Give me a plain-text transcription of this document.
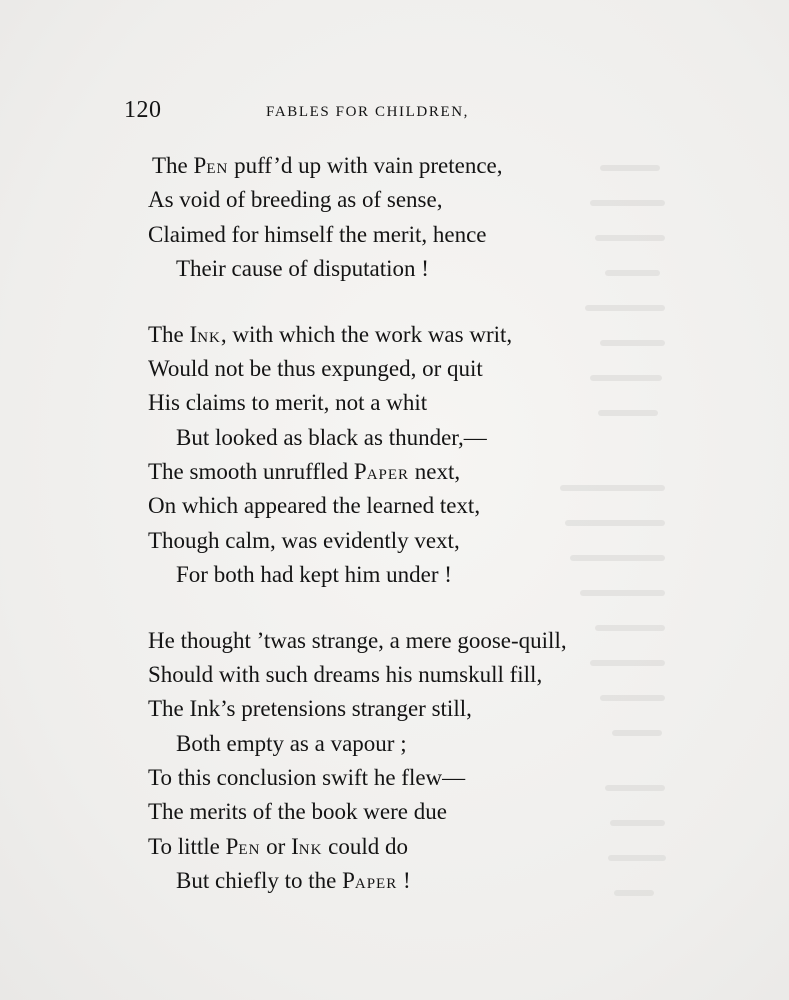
120	FABLES FOR CHILDREN,
The PEN puff’d up with vain pretence,
As void of breeding as of sense,
Claimed for himself the merit, hence
Their cause of disputation !
The INK, with which the work was writ,
Would not be thus expunged, or quit
His claims to merit, not a whit
But looked as black as thunder,—
The smooth unruffled PAPER next,
On which appeared the learned text,
Though calm, was evidently vext,
For both had kept him under !
He thought ’twas strange, a mere goose-quill,
Should with such dreams his numskull fill,
The Ink’s pretensions stranger still,
Both empty as a vapour ;
To this conclusion swift he flew—
The merits of the book were due
To little PEN or INK could do
But chiefly to the PAPER !
